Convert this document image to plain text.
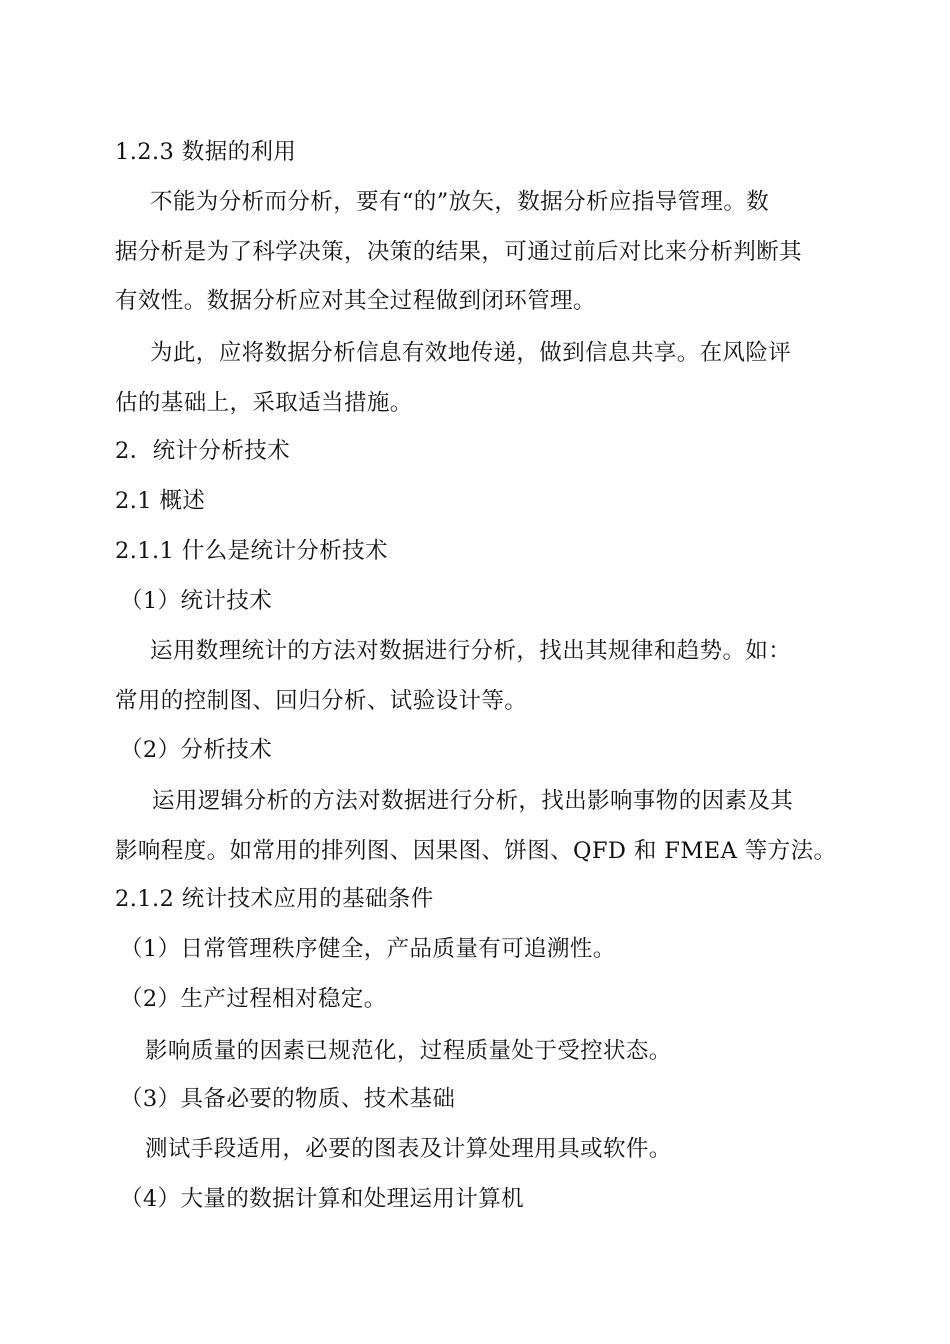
1.2.3 数据的利用
不能为分析而分析，要有“的”放矢，数据分析应指导管理。数
据分析是为了科学决策，决策的结果，可通过前后对比来分析判断其
有效性。数据分析应对其全过程做到闭环管理。
为此，应将数据分析信息有效地传递，做到信息共享。在风险评
估的基础上，采取适当措施。
2．统计分析技术
2.1 概述
2.1.1 什么是统计分析技术
（1）统计技术
运用数理统计的方法对数据进行分析，找出其规律和趋势。如：
常用的控制图、回归分析、试验设计等。
（2）分析技术
运用逻辑分析的方法对数据进行分析，找出影响事物的因素及其
影响程度。如常用的排列图、因果图、饼图、QFD 和 FMEA 等方法。
2.1.2 统计技术应用的基础条件
（1）日常管理秩序健全，产品质量有可追溯性。
（2）生产过程相对稳定。
影响质量的因素已规范化，过程质量处于受控状态。
（3）具备必要的物质、技术基础
测试手段适用，必要的图表及计算处理用具或软件。
（4）大量的数据计算和处理运用计算机
